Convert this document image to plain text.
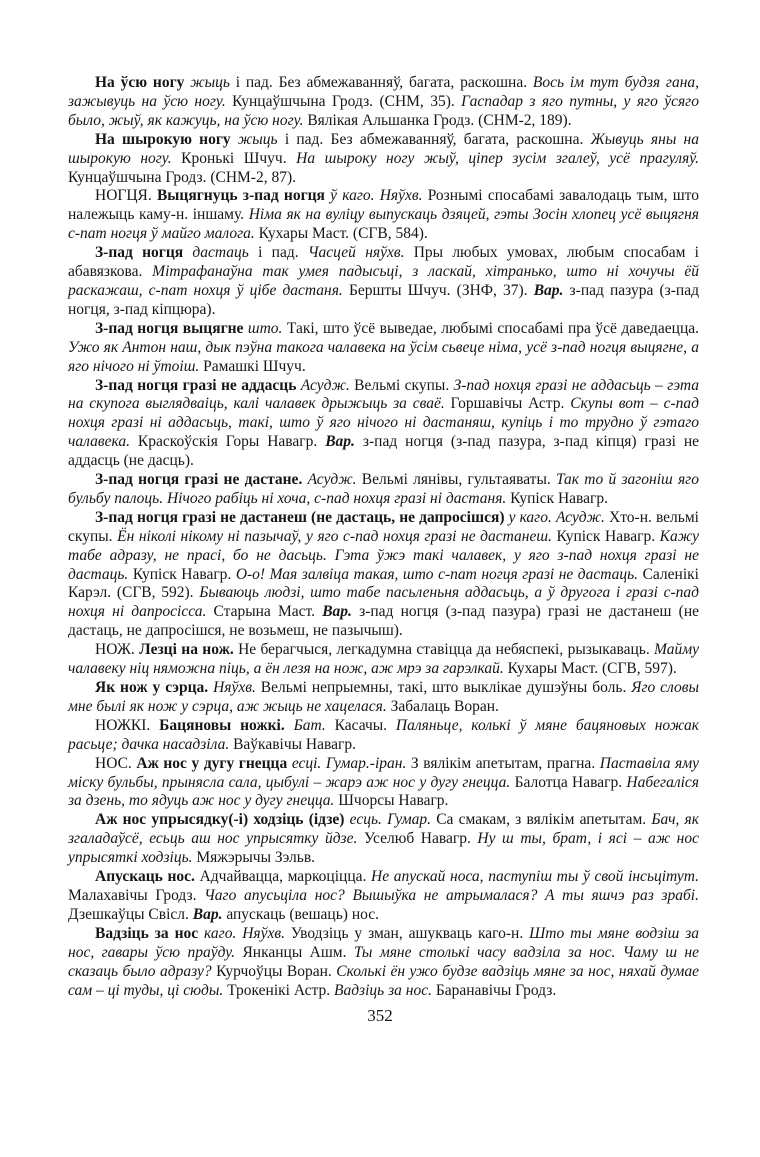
На ўсю ногу жыць і пад. Без абмежаванняў, багата, раскошна. Вось ім тут будзя гана, зажывуць на ўсю ногу. Кунцаўшчына Гродз. (СНМ, 35). Гаспадар з яго путны, у яго ўсяго было, жыў, як кажуць, на ўсю ногу. Вялікая Альшанка Гродз. (СНМ-2, 189).

На шырокую ногу жыць і пад. Без абмежаванняў, багата, раскошна. Жывуць яны на шырокую ногу. Кронькі Шчуч. На шыроку ногу жыў, ціпер зусім згалеў, усё прагуляў. Кунцаўшчына Гродз. (СНМ-2, 87).

НОГЦЯ. Выцягнуць з-пад ногця ў каго. Няўхв. Рознымі спосабамі завалодаць тым, што належыць каму-н. іншаму. Німа як на вуліцу выпускаць дзяцей, гэты Зосін хлопец усё выцягня с-пат ногця ў майго малога. Кухары Маст. (СГВ, 584).

З-пад ногця дастаць і пад. Часцей няўхв. Пры любых умовах, любым спосабам і абавязкова. Мітрафанаўна так умея падысьці, з ласкай, хітранько, што ні хочучы ёй раскажаш, с-пат нохця ў цібе дастаня. Бершты Шчуч. (ЗНФ, 37). Вар. з-пад пазура (з-пад ногця, з-пад кіпцюра).

З-пад ногця выцягне што. Такі, што ўсё выведае, любымі спосабамі пра ўсё даведаецца. Ужо як Антон наш, дык пэўна такога чалавека на ўсім сьвеце німа, усё з-пад ногця выцягне, а яго нічого ні ўтоіш. Рамашкі Шчуч.

З-пад ногця гразі не аддасць Асудж. Вельмі скупы. З-пад нохця гразі не аддасьць – гэта на скупога выглядваіць, калі чалавек дрыжыць за сваё. Горшавічы Астр. Скупы вот – с-пад нохця гразі ні аддасьць, такі, што ў яго нічого ні дастаняш, купіць і то трудно ў гэтаго чалавека. Краскоўскія Горы Навагр. Вар. з-пад ногця (з-пад пазура, з-пад кіпця) гразі не аддасць (не дасць).

З-пад ногця гразі не дастане. Асудж. Вельмі лянівы, гультаяваты. Так то й загоніш яго бульбу палоць. Нічого рабіць ні хоча, с-пад нохця гразі ні дастаня. Купіск Навагр.

З-пад ногця гразі не дастанеш (не дастаць, не дапросішся) у каго. Асудж. Хто-н. вельмі скупы. Ён ніколі нікому ні пазычаў, у яго с-пад нохця гразі не дастанеш. Купіск Навагр. Кажу табе адразу, не прасі, бо не дасьць. Гэта ўжэ такі чалавек, у яго з-пад нохця гразі не дастаць. Купіск Навагр. О-о! Мая залвіца такая, што с-пат ногця гразі не дастаць. Саленікі Карэл. (СГВ, 592). Бываюць людзі, што табе пасьленьня аддасьць, а ў другога і гразі с-пад нохця ні дапросісса. Старына Маст. Вар. з-пад ногця (з-пад пазура) гразі не дастанеш (не дастаць, не дапросішся, не возьмеш, не пазычыш).

НОЖ. Лезці на нож. Не берагчыся, легкадумна ставіцца да небяспекі, рызыкаваць. Майму чалавеку ніц няможна піць, а ён лезя на нож, аж мрэ за гарэлкай. Кухары Маст. (СГВ, 597).

Як нож у сэрца. Няўхв. Вельмі непрыемны, такі, што выклікае душэўны боль. Яго словы мне былі як нож у сэрца, аж жыць не хацелася. Забалаць Воран.

НОЖКІ. Бацяновы ножкі. Бат. Касачы. Паляньце, колькі ў мяне бацяновых ножак расьце; дачка насадзіла. Ваўкавічы Навагр.

НОС. Аж нос у дугу гнецца есці. Гумар.-іран. З вялікім апетытам, прагна. Паставіла яму міску бульбы, прынясла сала, цыбулі – жарэ аж нос у дугу гнецца. Балотца Навагр. Набегаліся за дзень, то ядуць аж нос у дугу гнецца. Шчорсы Навагр.

Аж нос упрысядку(-і) ходзіць (ідзе) есць. Гумар. Са смакам, з вялікім апетытам. Бач, як згаладаўсё, есьць аш нос упрысятку йдзе. Уселюб Навагр. Ну ш ты, брат, і ясі – аж нос упрысяткі ходзіць. Мяжэрычы Зэльв.

Апускаць нос. Адчайвацца, маркоціцца. Не апускай носа, паступіш ты ў свой інсьцітут. Малахавічы Гродз. Чаго апусьціла нос? Вышыўка не атрымалася? А ты яшчэ раз зрабі. Дзешкаўцы Свісл. Вар. апускаць (вешаць) нос.

Вадзіць за нос каго. Няўхв. Уводзіць у зман, ашукваць каго-н. Што ты мяне водзіш за нос, гавары ўсю праўду. Янканцы Ашм. Ты мяне столькі часу вадзіла за нос. Чаму ш не сказаць было адразу? Курчоўцы Воран. Сколькі ён ужо будзе вадзіць мяне за нос, няхай думае сам – ці туды, ці сюды. Трокенікі Астр. Вадзіць за нос. Баранавічы Гродз.

352
